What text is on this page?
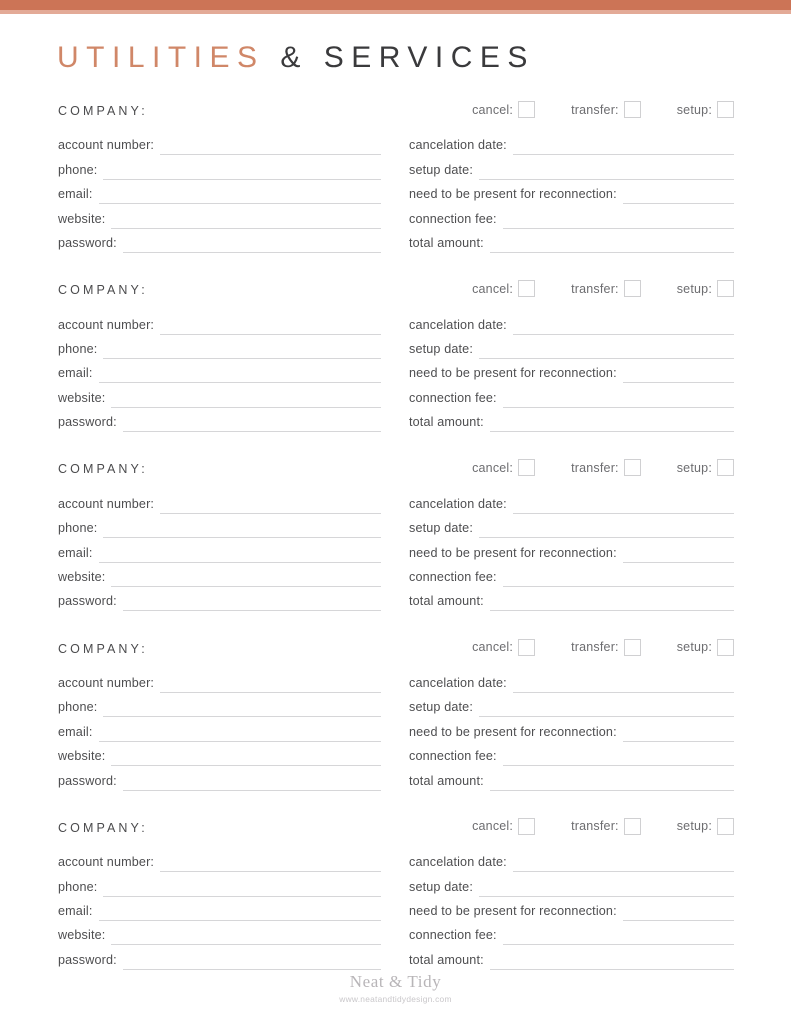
UTILITIES & SERVICES
COMPANY:	cancel:	transfer:	setup:
account number:
phone:
email:
website:
password:
cancelation date:
setup date:
need to be present for reconnection:
connection fee:
total amount:
COMPANY:	cancel:	transfer:	setup:
account number:
phone:
email:
website:
password:
cancelation date:
setup date:
need to be present for reconnection:
connection fee:
total amount:
COMPANY:	cancel:	transfer:	setup:
account number:
phone:
email:
website:
password:
cancelation date:
setup date:
need to be present for reconnection:
connection fee:
total amount:
COMPANY:	cancel:	transfer:	setup:
account number:
phone:
email:
website:
password:
cancelation date:
setup date:
need to be present for reconnection:
connection fee:
total amount:
COMPANY:	cancel:	transfer:	setup:
account number:
phone:
email:
website:
password:
cancelation date:
setup date:
need to be present for reconnection:
connection fee:
total amount:
Neat & Tidy
www.neatandtidydesign.com
